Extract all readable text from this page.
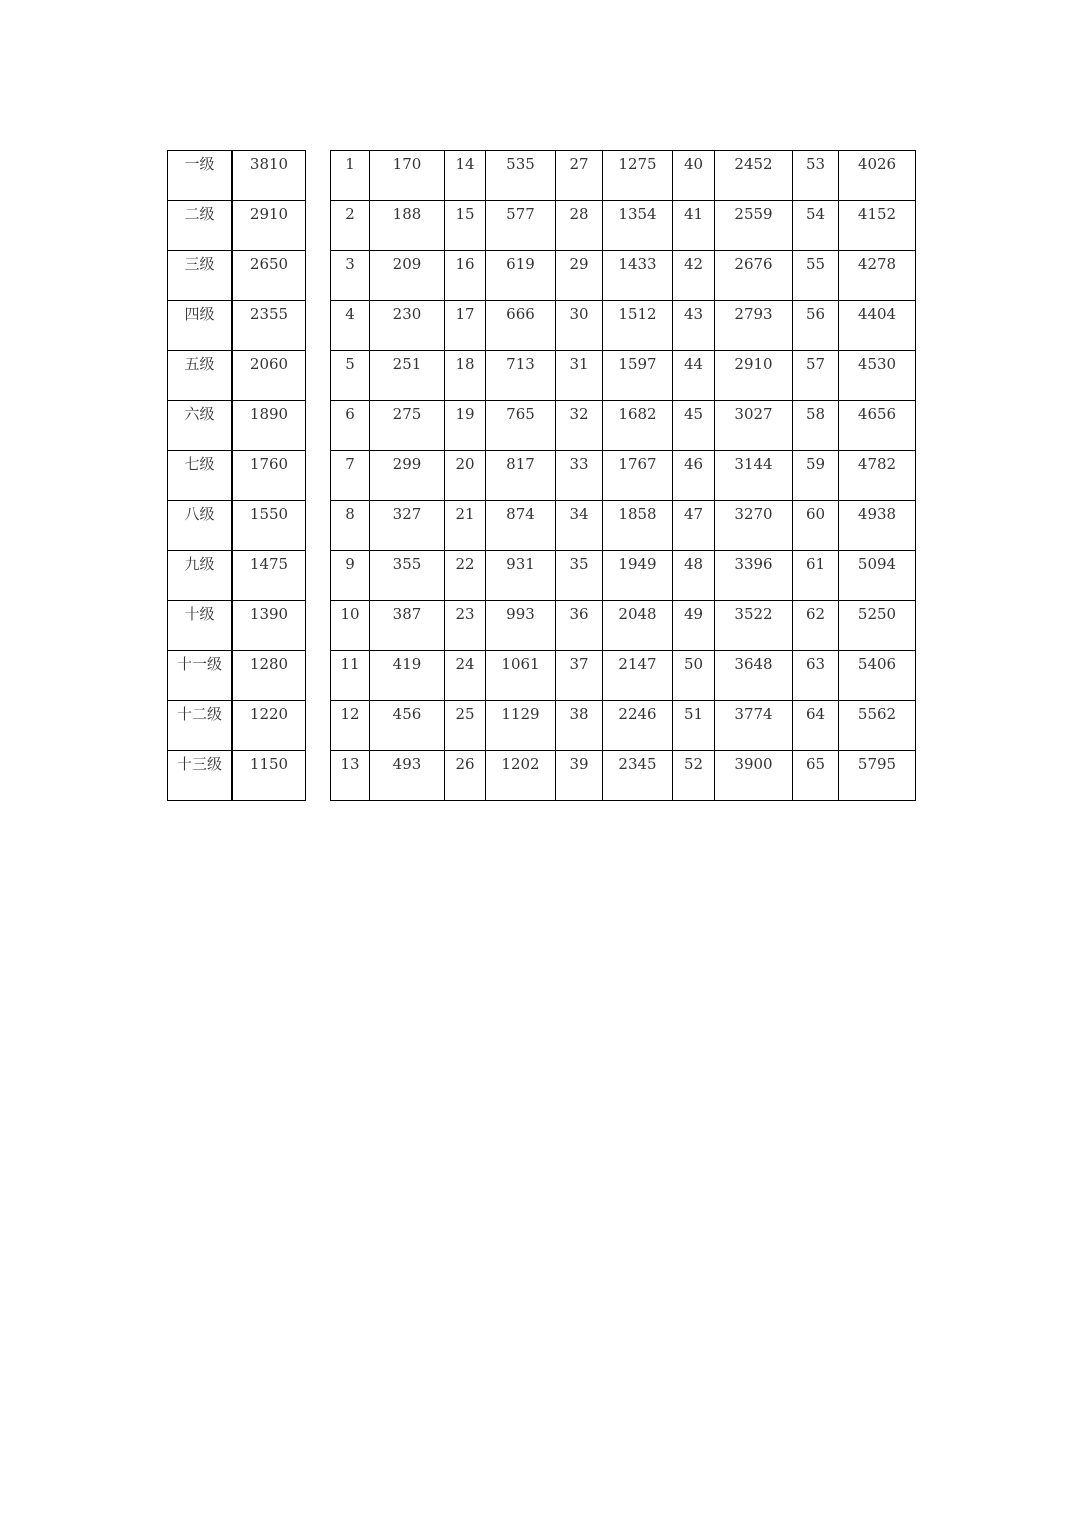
一级	3810
二级	2910
三级	2650
四级	2355
五级	2060
六级	1890
七级	1760
八级	1550
九级	1475
十级	1390
十一级	1280
十二级	1220
十三级	1150
1	170	14	535	27	1275	40	2452	53	4026
2	188	15	577	28	1354	41	2559	54	4152
3	209	16	619	29	1433	42	2676	55	4278
4	230	17	666	30	1512	43	2793	56	4404
5	251	18	713	31	1597	44	2910	57	4530
6	275	19	765	32	1682	45	3027	58	4656
7	299	20	817	33	1767	46	3144	59	4782
8	327	21	874	34	1858	47	3270	60	4938
9	355	22	931	35	1949	48	3396	61	5094
10	387	23	993	36	2048	49	3522	62	5250
11	419	24	1061	37	2147	50	3648	63	5406
12	456	25	1129	38	2246	51	3774	64	5562
13	493	26	1202	39	2345	52	3900	65	5795
